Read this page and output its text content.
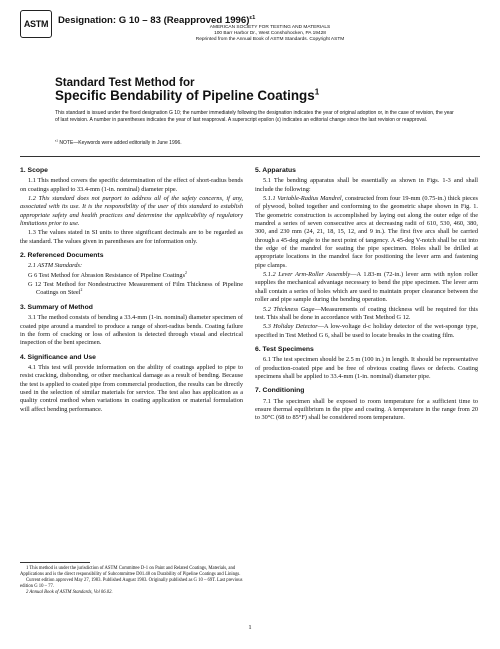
ASTM Designation: G 10 – 83 (Reapproved 1996)$^{\varepsilon 1}$
AMERICAN SOCIETY FOR TESTING AND MATERIALS
100 Barr Harbor Dr., West Conshohocken, PA 19428
Reprinted from the Annual Book of ASTM Standards. Copyright ASTM
Standard Test Method for
Specific Bendability of Pipeline Coatings$^1$
This standard is issued under the fixed designation G 10; the number immediately following the designation indicates the year of original adoption or, in the case of revision, the year of last revision. A number in parentheses indicates the year of last reapproval. A superscript epsilon (ε) indicates an editorial change since the last revision or reapproval.
$^{\varepsilon 1}$ NOTE—Keywords were added editorially in June 1996.
1. Scope

1.1 This method covers the specific determination of the effect of short-radius bends on coatings applied to 33.4-mm (1-in. nominal) diameter pipe.

1.2 This standard does not purport to address all of the safety concerns, if any, associated with its use. It is the responsibility of the user of this standard to establish appropriate safety and health practices and determine the applicability of regulatory limitations prior to use.

1.3 The values stated in SI units to three significant decimals are to be regarded as the standard. The values given in parentheses are for information only.

2. Referenced Documents

2.1 ASTM Standards:

G 6 Test Method for Abrasion Resistance of Pipeline Coatings$^2$

G 12 Test Method for Nondestructive Measurement of Film Thickness of Pipeline Coatings on Steel$^2$

3. Summary of Method

3.1 The method consists of bending a 33.4-mm (1-in. nominal) diameter specimen of coated pipe around a mandrel to produce a range of short-radius bends. Coating failure in the form of cracking or loss of adhesion is detected through visual and electrical inspection of the bent specimen.

4. Significance and Use

4.1 This test will provide information on the ability of coatings applied to pipe to resist cracking, disbonding, or other mechanical damage as a result of bending. Because the test is applied to coated pipe from commercial production, the results can be directly used in the selection of similar materials for service. The test also has application as a quality control method when variations in coating application or material formulation will affect bending performance.

1 This method is under the jurisdiction of ASTM Committee D-1 on Paint and Related Coatings, Materials, and Applications and is the direct responsibility of Subcommittee D01.48 on Durability of Pipeline Coatings and Linings.

Current edition approved May 27, 1983. Published August 1983. Originally published as G 10 – 69T. Last previous edition G 10 – 77.

2 Annual Book of ASTM Standards, Vol 06.02.

5. Apparatus

5.1 The bending apparatus shall be essentially as shown in Figs. 1-3 and shall include the following:

5.1.1 Variable-Radius Mandrel, constructed from four 19-mm (0.75-in.) thick pieces of plywood, bolted together and conforming to the geometric shape shown in Fig. 1. The geometric construction is accomplished by laying out along the outer edge of the mandrel a series of seven consecutive arcs at decreasing radii of 610, 530, 460, 380, 300, and 230 mm (24, 21, 18, 15, 12, and 9 in.). The first five arcs shall be carried through a 45-deg angle to the next point of tangency. A 45-deg V-notch shall be cut into the edge of the mandrel for seating the pipe specimen. Holes shall be drilled at appropriate locations in the mandrel face for positioning the lever arm and fastening pipe clamps.

5.1.2 Lever Arm-Roller Assembly—A 1.83-m (72-in.) lever arm with nylon roller supplies the mechanical advantage necessary to bend the pipe specimen. The lever arm shall contain a series of holes which are used to maintain proper clearance between the roller and pipe sample during the bending operation.

5.2 Thickness Gage—Measurements of coating thickness will be required for this test. This shall be done in accordance with Test Method G 12.

5.3 Holiday Detector—A low-voltage d-c holiday detector of the wet-sponge type, specified in Test Method G 6, shall be used to locate breaks in the coating film.

6. Test Specimens

6.1 The test specimen should be 2.5 m (100 in.) in length. It should be representative of production-coated pipe and be free of obvious coating flaws or defects. Coating specimens shall be applied to 33.4-mm (1-in. nominal) diameter pipe.

7. Conditioning

7.1 The specimen shall be exposed to room temperature for a sufficient time to ensure thermal equilibrium in the pipe and coating. A temperature in the range from 20 to 30°C (68 to 85°F) shall be considered room temperature.

1
